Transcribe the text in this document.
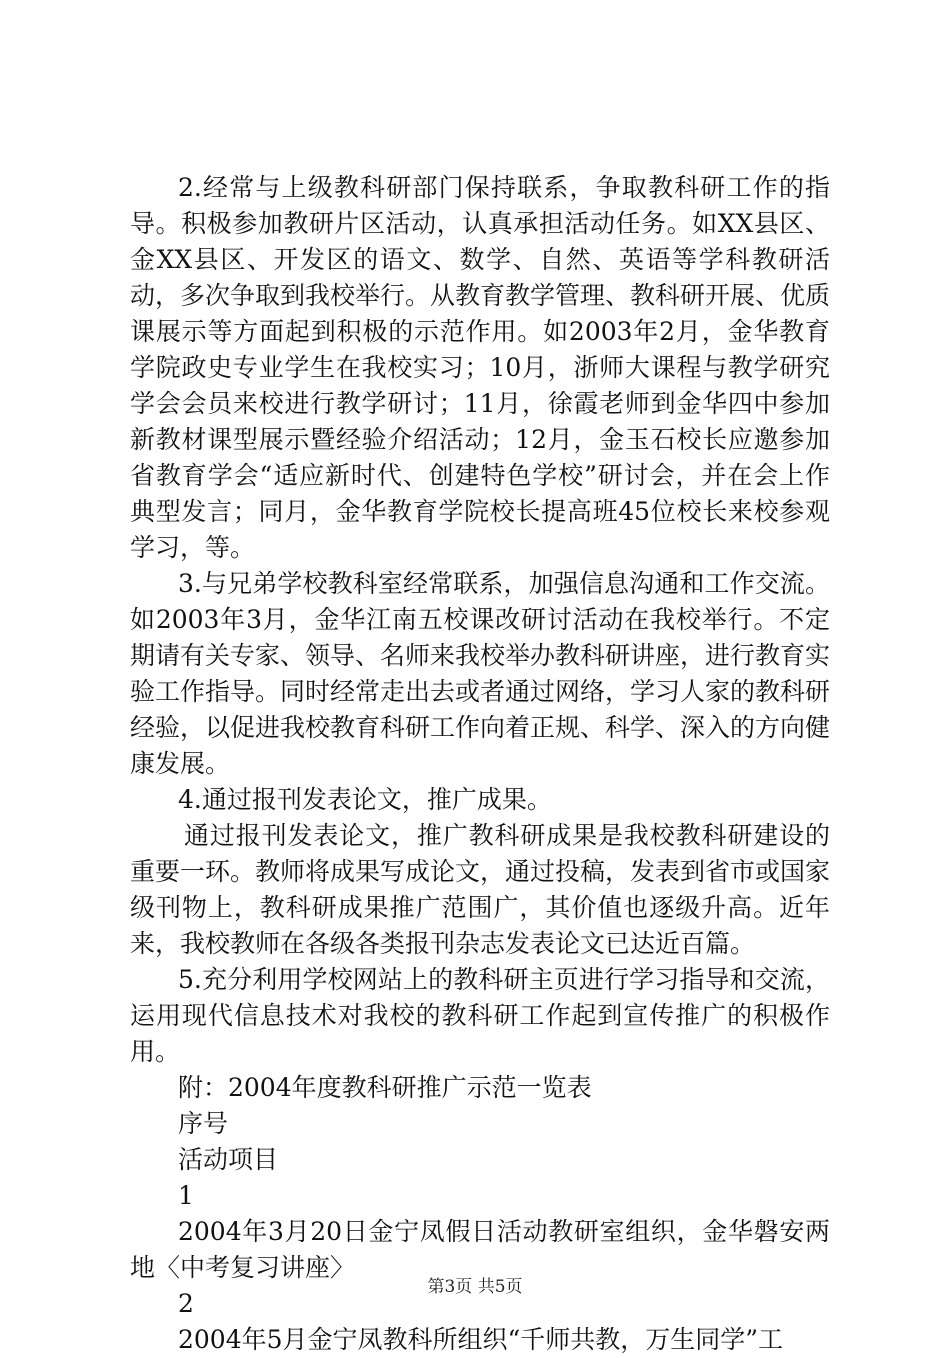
2.经常与上级教科研部门保持联系，争取教科研工作的指导。积极参加教研片区活动，认真承担活动任务。如XX县区、金XX县区、开发区的语文、数学、自然、英语等学科教研活动，多次争取到我校举行。从教育教学管理、教科研开展、优质课展示等方面起到积极的示范作用。如2003年2月，金华教育学院政史专业学生在我校实习；10月，浙师大课程与教学研究学会会员来校进行教学研讨；11月，徐霞老师到金华四中参加新教材课型展示暨经验介绍活动；12月，金玉石校长应邀参加省教育学会“适应新时代、创建特色学校”研讨会，并在会上作典型发言；同月，金华教育学院校长提高班45位校长来校参观学习，等。

3.与兄弟学校教科室经常联系，加强信息沟通和工作交流。如2003年3月，金华江南五校课改研讨活动在我校举行。不定期请有关专家、领导、名师来我校举办教科研讲座，进行教育实验工作指导。同时经常走出去或者通过网络，学习人家的教科研经验，以促进我校教育科研工作向着正规、科学、深入的方向健康发展。

4.通过报刊发表论文，推广成果。

通过报刊发表论文，推广教科研成果是我校教科研建设的重要一环。教师将成果写成论文，通过投稿，发表到省市或国家级刊物上，教科研成果推广范围广，其价值也逐级升高。近年来，我校教师在各级各类报刊杂志发表论文已达近百篇。

5.充分利用学校网站上的教科研主页进行学习指导和交流，运用现代信息技术对我校的教科研工作起到宣传推广的积极作用。

附：2004年度教科研推广示范一览表

序号

活动项目

1

2004年3月20日金宁凤假日活动教研室组织，金华磐安两地〈中考复习讲座〉

2

2004年5月金宁凤教科所组织“千师共教，万生同学”工

第3页 共5页
